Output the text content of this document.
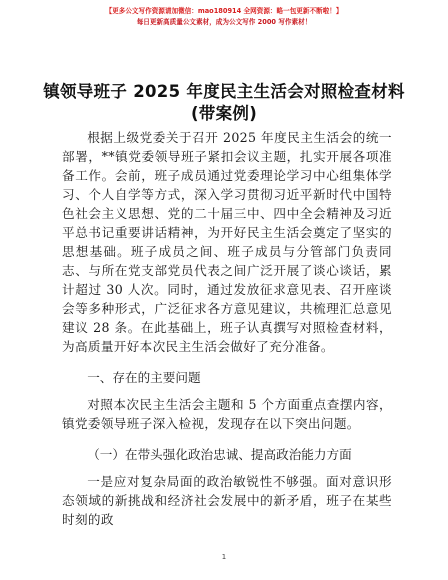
【更多公文写作资源请加微信：mao180914 全网资源：略一包更新不断啦！】
每日更新高质量公文素材，成为公文写作 2000 写作素材！
镇领导班子 2025 年度民主生活会对照检查材料
(带案例)

根据上级党委关于召开 2025 年度民主生活会的统一部署，**镇党委领导班子紧扣会议主题，扎实开展各项准备工作。会前，班子成员通过党委理论学习中心组集体学习、个人自学等方式，深入学习贯彻习近平新时代中国特色社会主义思想、党的二十届三中、四中全会精神及习近平总书记重要讲话精神，为开好民主生活会奠定了坚实的思想基础。班子成员之间、班子成员与分管部门负责同志、与所在党支部党员代表之间广泛开展了谈心谈话，累计超过 30 人次。同时，通过发放征求意见表、召开座谈会等多种形式，广泛征求各方意见建议，共梳理汇总意见建议 28 条。在此基础上，班子认真撰写对照检查材料，为高质量开好本次民主生活会做好了充分准备。

一、存在的主要问题

对照本次民主生活会主题和 5 个方面重点查摆内容，镇党委领导班子深入检视，发现存在以下突出问题。

（一）在带头强化政治忠诚、提高政治能力方面

一是应对复杂局面的政治敏锐性不够强。面对意识形态领域的新挑战和经济社会发展中的新矛盾，班子在某些时刻的政

1
